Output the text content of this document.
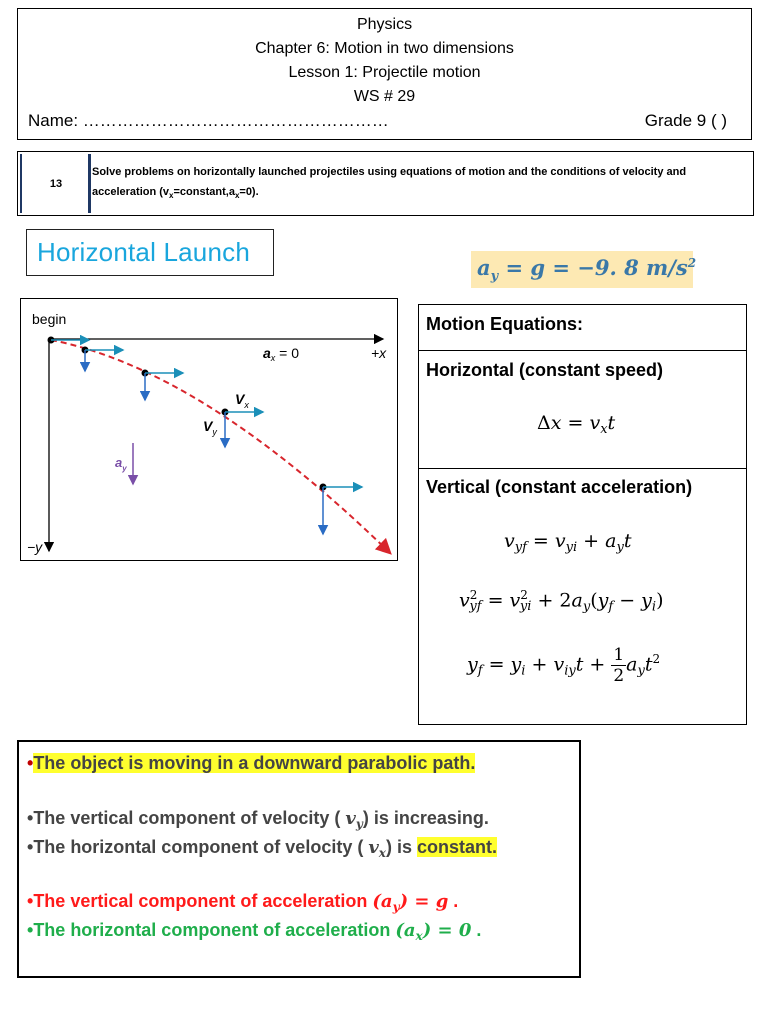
Physics
Chapter 6: Motion in two dimensions
Lesson 1: Projectile motion
WS # 29
Name: ………………………………………………	Grade 9 ( )
13
Solve problems on horizontally launched projectiles using equations of motion and the conditions of velocity and acceleration $(v_x=constant,a_x=0)$.
Horizontal Launch
$a_y = g = -9$. 8 $m/s^2$
begin
$a_x = 0$	+x
−y
$V_x$
$V_y$
$a_y$
Motion Equations:
Horizontal (constant speed)
$\Delta x = v_xt$
Vertical (constant acceleration)
$v_{yf} = v_{yi} + a_yt$
$v^2_{yf} = v^2_{yi} + 2a_y(y_f - y_i)$
$y_f = y_i + v_{iy}t + \frac{1}{2} a_yt^2$
•The object is moving in a downward parabolic path.
•The vertical component of velocity ( $v_y$) is increasing.
•The horizontal component of velocity ( $v_x$) is constant.
•The vertical component of acceleration $(a_y) = g$ .
•The horizontal component of acceleration $(a_x) = 0$ .
